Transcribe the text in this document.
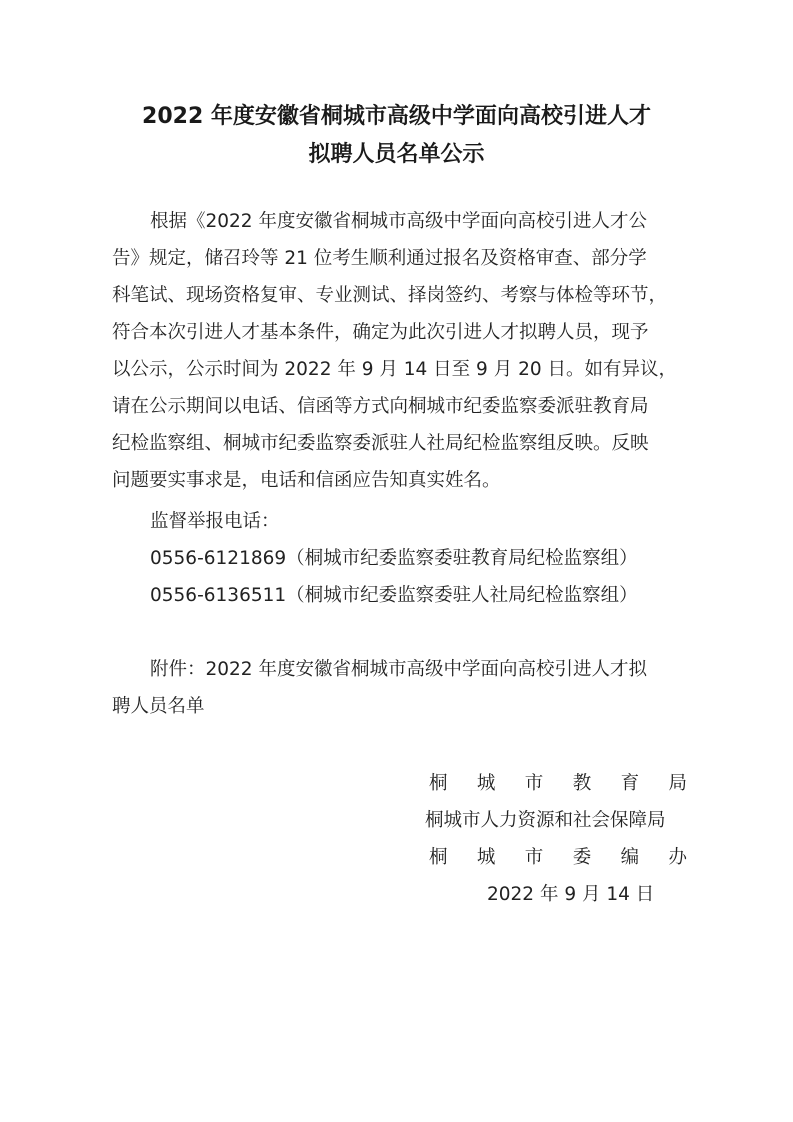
2022 年度安徽省桐城市高级中学面向高校引进人才
拟聘人员名单公示
根据《2022 年度安徽省桐城市高级中学面向高校引进人才公
告》规定，储召玲等 21 位考生顺利通过报名及资格审查、部分学
科笔试、现场资格复审、专业测试、择岗签约、考察与体检等环节，
符合本次引进人才基本条件，确定为此次引进人才拟聘人员，现予
以公示，公示时间为 2022 年 9 月 14 日至 9 月 20 日。如有异议，
请在公示期间以电话、信函等方式向桐城市纪委监察委派驻教育局
纪检监察组、桐城市纪委监察委派驻人社局纪检监察组反映。反映
问题要实事求是，电话和信函应告知真实姓名。
监督举报电话：
0556-6121869（桐城市纪委监察委驻教育局纪检监察组）
0556-6136511（桐城市纪委监察委驻人社局纪检监察组）
附件：2022 年度安徽省桐城市高级中学面向高校引进人才拟
聘人员名单
桐城市教育局
桐城市人力资源和社会保障局
桐城市委编办
2022 年 9 月 14 日
